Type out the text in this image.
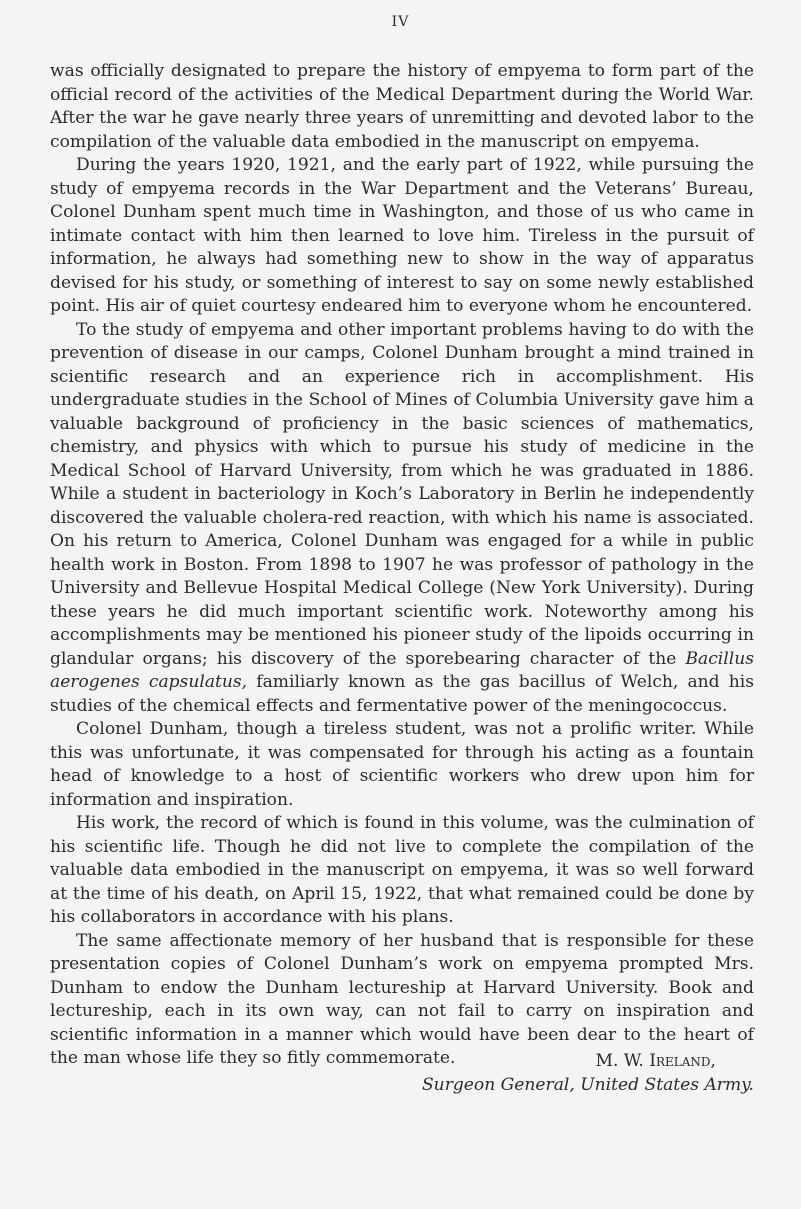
IV

was officially designated to prepare the history of empyema to form part of the official record of the activities of the Medical Department during the World War. After the war he gave nearly three years of unremitting and devoted labor to the compilation of the valuable data embodied in the manuscript on empyema.

During the years 1920, 1921, and the early part of 1922, while pursuing the study of empyema records in the War Department and the Veterans’ Bureau, Colonel Dunham spent much time in Washington, and those of us who came in intimate contact with him then learned to love him. Tireless in the pursuit of information, he always had something new to show in the way of apparatus devised for his study, or something of interest to say on some newly established point. His air of quiet courtesy endeared him to everyone whom he encountered.

To the study of empyema and other important problems having to do with the prevention of disease in our camps, Colonel Dunham brought a mind trained in scientific research and an experience rich in accomplishment. His undergraduate studies in the School of Mines of Columbia University gave him a valuable background of proficiency in the basic sciences of mathematics, chemistry, and physics with which to pursue his study of medicine in the Medical School of Harvard University, from which he was graduated in 1886. While a student in bacteriology in Koch’s Laboratory in Berlin he independently discovered the valuable cholera-red reaction, with which his name is associated. On his return to America, Colonel Dunham was engaged for a while in public health work in Boston. From 1898 to 1907 he was professor of pathology in the University and Bellevue Hospital Medical College (New York University). During these years he did much important scientific work. Noteworthy among his accomplishments may be mentioned his pioneer study of the lipoids occurring in glandular organs; his discovery of the sporebearing character of the Bacillus aerogenes capsulatus, familiarly known as the gas bacillus of Welch, and his studies of the chemical effects and fermentative power of the meningococcus.

Colonel Dunham, though a tireless student, was not a prolific writer. While this was unfortunate, it was compensated for through his acting as a fountain head of knowledge to a host of scientific workers who drew upon him for information and inspiration.

His work, the record of which is found in this volume, was the culmination of his scientific life. Though he did not live to complete the compilation of the valuable data embodied in the manuscript on empyema, it was so well forward at the time of his death, on April 15, 1922, that what remained could be done by his collaborators in accordance with his plans.

The same affectionate memory of her husband that is responsible for these presentation copies of Colonel Dunham’s work on empyema prompted Mrs. Dunham to endow the Dunham lectureship at Harvard University. Book and lectureship, each in its own way, can not fail to carry on inspiration and scientific information in a manner which would have been dear to the heart of the man whose life they so fitly commemorate.	M. W. Ireland,
Surgeon General, United States Army.
